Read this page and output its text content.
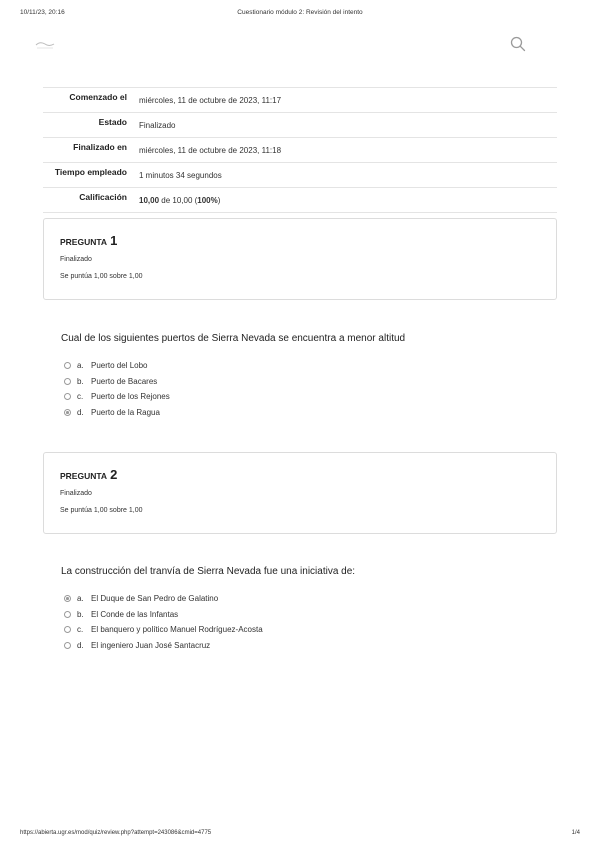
10/11/23, 20:16	Cuestionario módulo 2: Revisión del intento
Comenzado el	miércoles, 11 de octubre de 2023, 11:17
Estado	Finalizado
Finalizado en	miércoles, 11 de octubre de 2023, 11:18
Tiempo empleado	1 minutos 34 segundos
Calificación	10,00 de 10,00 (100%)
PREGUNTA 1
Finalizado
Se puntúa 1,00 sobre 1,00
Cual de los siguientes puertos de Sierra Nevada se encuentra a menor altitud
a. Puerto del Lobo
b. Puerto de Bacares
c. Puerto de los Rejones
d. Puerto de la Ragua
PREGUNTA 2
Finalizado
Se puntúa 1,00 sobre 1,00
La construcción del tranvía de Sierra Nevada fue una iniciativa de:
a. El Duque de San Pedro de Galatino
b. El Conde de las Infantas
c. El banquero y político Manuel Rodríguez-Acosta
d. El ingeniero Juan José Santacruz
https://abierta.ugr.es/mod/quiz/review.php?attempt=243086&cmid=4775	1/4
